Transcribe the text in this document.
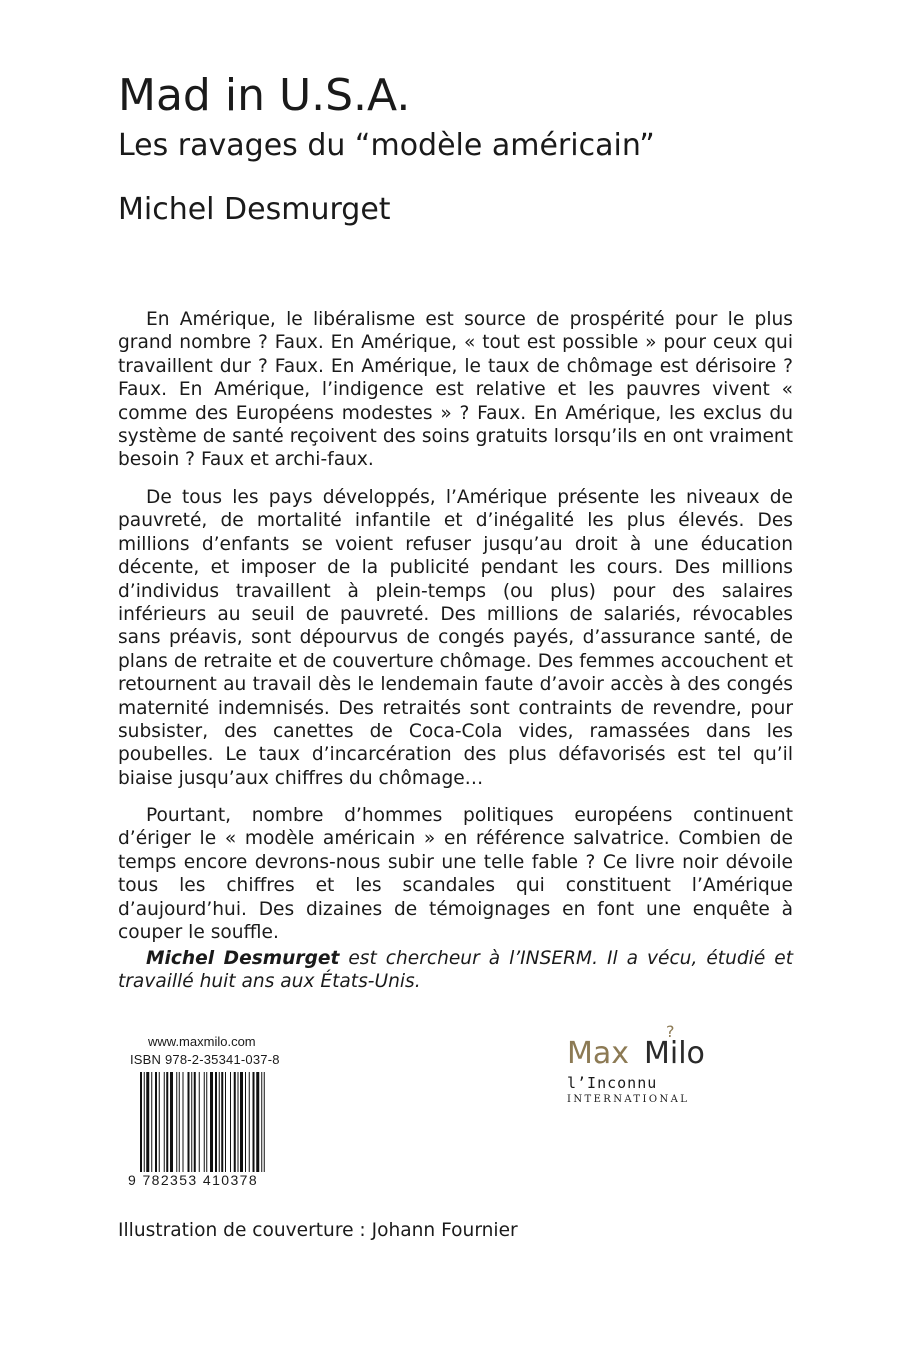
Mad in U.S.A.
Les ravages du “modèle américain”
Michel Desmurget

En Amérique, le libéralisme est source de prospérité pour le plus grand nombre ? Faux. En Amérique, « tout est possible » pour ceux qui travaillent dur ? Faux. En Amérique, le taux de chômage est dérisoire ? Faux. En Amérique, l’indigence est relative et les pauvres vivent « comme des Européens modestes » ? Faux. En Amérique, les exclus du système de santé reçoivent des soins gratuits lorsqu’ils en ont vraiment besoin ? Faux et archi-faux.

De tous les pays développés, l’Amérique présente les niveaux de pauvreté, de mortalité infantile et d’inégalité les plus élevés. Des millions d’enfants se voient refuser jusqu’au droit à une éducation décente, et imposer de la publicité pendant les cours. Des millions d’individus travaillent à plein-temps (ou plus) pour des salaires inférieurs au seuil de pauvreté. Des millions de salariés, révocables sans préavis, sont dépourvus de congés payés, d’assurance santé, de plans de retraite et de couverture chômage. Des femmes accouchent et retournent au travail dès le lendemain faute d’avoir accès à des congés maternité indemnisés. Des retraités sont contraints de revendre, pour subsister, des canettes de Coca-Cola vides, ramassées dans les poubelles. Le taux d’incarcération des plus défavorisés est tel qu’il biaise jusqu’aux chiffres du chômage…

Pourtant, nombre d’hommes politiques européens continuent d’ériger le « modèle américain » en référence salvatrice. Combien de temps encore devrons-nous subir une telle fable ? Ce livre noir dévoile tous les chiffres et les scandales qui constituent l’Amérique d’aujourd’hui. Des dizaines de témoignages en font une enquête à couper le souffle.

Michel Desmurget est chercheur à l’INSERM. Il a vécu, étudié et travaillé huit ans aux États-Unis.

www.maxmilo.com
ISBN 978-2-35341-037-8
9 782353 410378
Max
?
Milo
l’Inconnu
INTERNATIONAL
Illustration de couverture : Johann Fournier
